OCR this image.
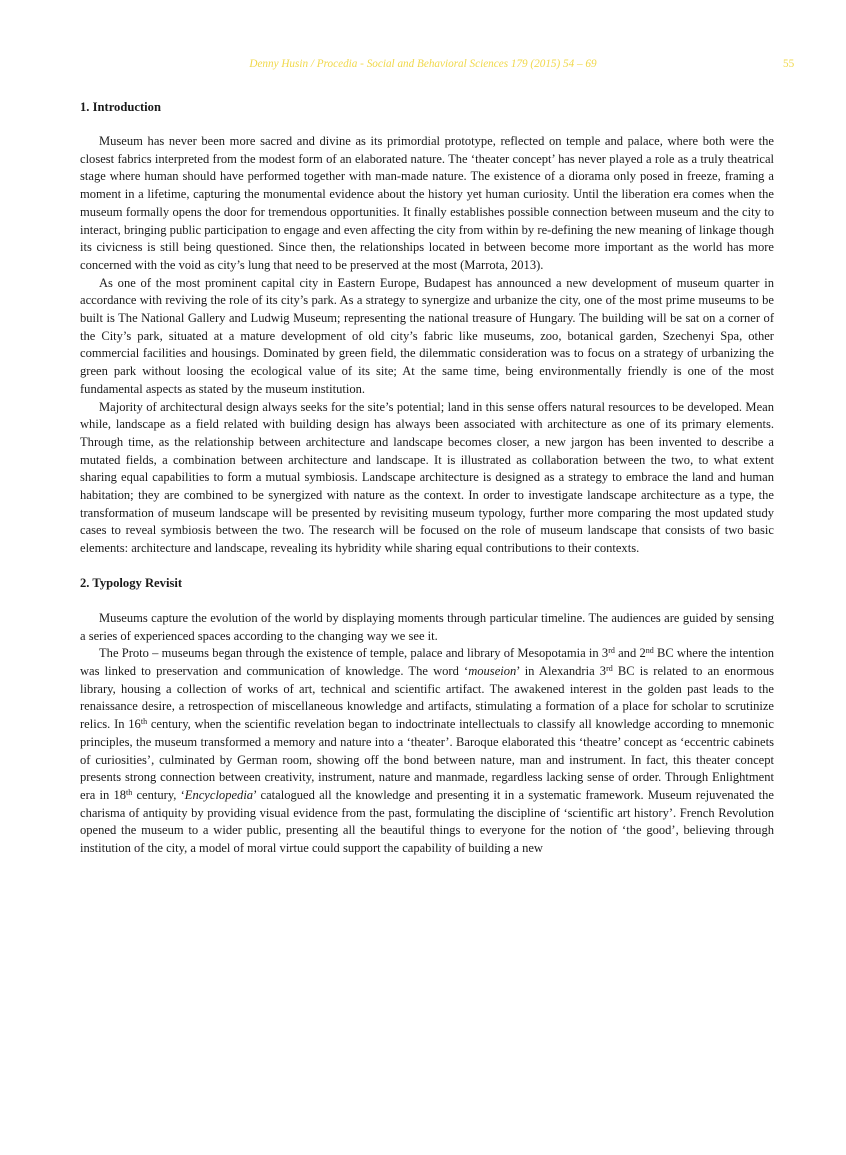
Denny Husin / Procedia - Social and Behavioral Sciences 179 (2015) 54 – 69	55
1. Introduction

Museum has never been more sacred and divine as its primordial prototype, reflected on temple and palace, where both were the closest fabrics interpreted from the modest form of an elaborated nature. The ‘theater concept’ has never played a role as a truly theatrical stage where human should have performed together with man-made nature. The existence of a diorama only posed in freeze, framing a moment in a lifetime, capturing the monumental evidence about the history yet human curiosity. Until the liberation era comes when the museum formally opens the door for tremendous opportunities. It finally establishes possible connection between museum and the city to interact, bringing public participation to engage and even affecting the city from within by re-defining the new meaning of linkage though its civicness is still being questioned. Since then, the relationships located in between become more important as the world has more concerned with the void as city’s lung that need to be preserved at the most (Marrota, 2013).

As one of the most prominent capital city in Eastern Europe, Budapest has announced a new development of museum quarter in accordance with reviving the role of its city’s park. As a strategy to synergize and urbanize the city, one of the most prime museums to be built is The National Gallery and Ludwig Museum; representing the national treasure of Hungary. The building will be sat on a corner of the City’s park, situated at a mature development of old city’s fabric like museums, zoo, botanical garden, Szechenyi Spa, other commercial facilities and housings. Dominated by green field, the dilemmatic consideration was to focus on a strategy of urbanizing the green park without loosing the ecological value of its site; At the same time, being environmentally friendly is one of the most fundamental aspects as stated by the museum institution.

Majority of architectural design always seeks for the site’s potential; land in this sense offers natural resources to be developed. Mean while, landscape as a field related with building design has always been associated with architecture as one of its primary elements. Through time, as the relationship between architecture and landscape becomes closer, a new jargon has been invented to describe a mutated fields, a combination between architecture and landscape. It is illustrated as collaboration between the two, to what extent sharing equal capabilities to form a mutual symbiosis. Landscape architecture is designed as a strategy to embrace the land and human habitation; they are combined to be synergized with nature as the context. In order to investigate landscape architecture as a type, the transformation of museum landscape will be presented by revisiting museum typology, further more comparing the most updated study cases to reveal symbiosis between the two. The research will be focused on the role of museum landscape that consists of two basic elements: architecture and landscape, revealing its hybridity while sharing equal contributions to their contexts.

2. Typology Revisit

Museums capture the evolution of the world by displaying moments through particular timeline. The audiences are guided by sensing a series of experienced spaces according to the changing way we see it.

The Proto – museums began through the existence of temple, palace and library of Mesopotamia in 3rd and 2nd BC where the intention was linked to preservation and communication of knowledge. The word ‘mouseion’ in Alexandria 3rd BC is related to an enormous library, housing a collection of works of art, technical and scientific artifact. The awakened interest in the golden past leads to the renaissance desire, a retrospection of miscellaneous knowledge and artifacts, stimulating a formation of a place for scholar to scrutinize relics. In 16th century, when the scientific revelation began to indoctrinate intellectuals to classify all knowledge according to mnemonic principles, the museum transformed a memory and nature into a ‘theater’. Baroque elaborated this ‘theatre’ concept as ‘eccentric cabinets of curiosities’, culminated by German room, showing off the bond between nature, man and instrument. In fact, this theater concept presents strong connection between creativity, instrument, nature and manmade, regardless lacking sense of order. Through Enlightment era in 18th century, ‘Encyclopedia’ catalogued all the knowledge and presenting it in a systematic framework. Museum rejuvenated the charisma of antiquity by providing visual evidence from the past, formulating the discipline of ‘scientific art history’. French Revolution opened the museum to a wider public, presenting all the beautiful things to everyone for the notion of ‘the good’, believing through institution of the city, a model of moral virtue could support the capability of building a new
